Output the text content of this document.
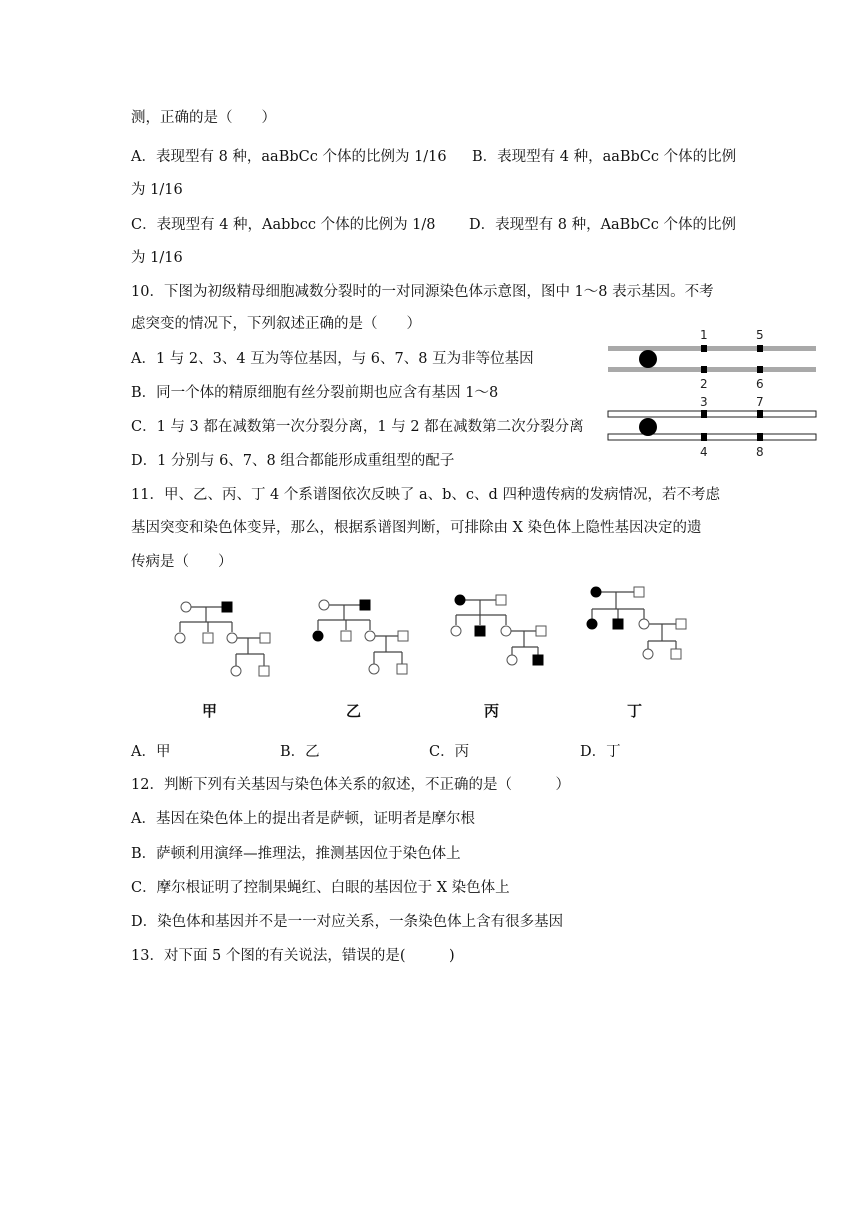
测，正确的是（　　）
A．表现型有 8 种，aaBbCc 个体的比例为 1/16 B．表现型有 4 种，aaBbCc 个体的比例
为 1/16
C．表现型有 4 种，Aabbcc 个体的比例为 1/8 D．表现型有 8 种，AaBbCc 个体的比例
为 1/16
10．下图为初级精母细胞减数分裂时的一对同源染色体示意图，图中 1～8 表示基因。不考
虑突变的情况下，下列叙述正确的是（　　）
A．1 与 2、3、4 互为等位基因，与 6、7、8 互为非等位基因
B．同一个体的精原细胞有丝分裂前期也应含有基因 1～8
C．1 与 3 都在减数第一次分裂分离，1 与 2 都在减数第二次分裂分离
D．1 分别与 6、7、8 组合都能形成重组型的配子
1	5
2	6
3	7
4	8
11．甲、乙、丙、丁 4 个系谱图依次反映了 a、b、c、d 四种遗传病的发病情况，若不考虑
基因突变和染色体变异，那么，根据系谱图判断，可排除由 X 染色体上隐性基因决定的遗
传病是（　　）
甲	乙	丙	丁
A．甲	B．乙	C．丙	D．丁
12．判断下列有关基因与染色体关系的叙述，不正确的是（　　　）
A．基因在染色体上的提出者是萨顿，证明者是摩尔根
B．萨顿利用演绎—推理法，推测基因位于染色体上
C．摩尔根证明了控制果蝇红、白眼的基因位于 X 染色体上
D．染色体和基因并不是一一对应关系，一条染色体上含有很多基因
13．对下面 5 个图的有关说法，错误的是(　　　)
